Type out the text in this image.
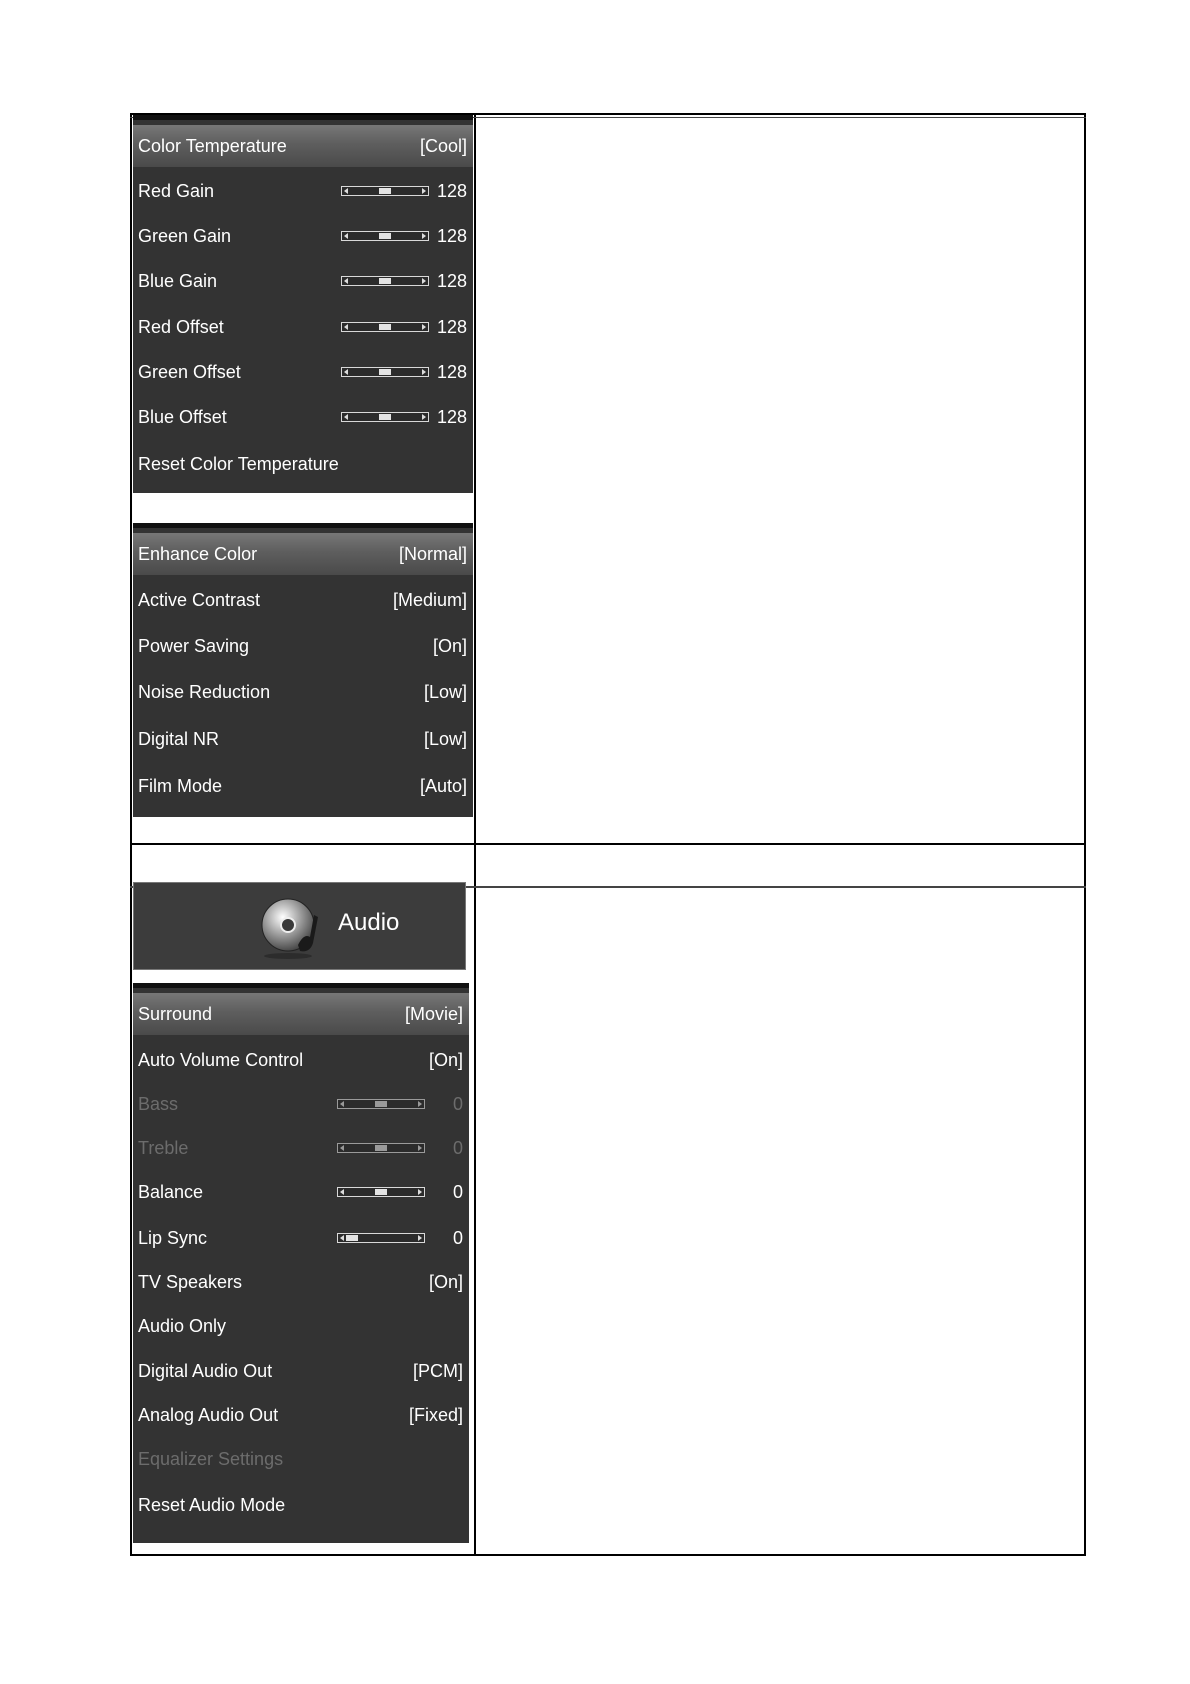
Color Temperature	[Cool]
Red Gain	128
Green Gain	128
Blue Gain	128
Red Offset	128
Green Offset	128
Blue Offset	128
Reset Color Temperature
Enhance Color	[Normal]
Active Contrast	[Medium]
Power Saving	[On]
Noise Reduction	[Low]
Digital NR	[Low]
Film Mode	[Auto]
Audio
Surround	[Movie]
Auto Volume Control	[On]
Bass	0
Treble	0
Balance	0
Lip Sync	0
TV Speakers	[On]
Audio Only
Digital Audio Out	[PCM]
Analog Audio Out	[Fixed]
Equalizer Settings
Reset Audio Mode
